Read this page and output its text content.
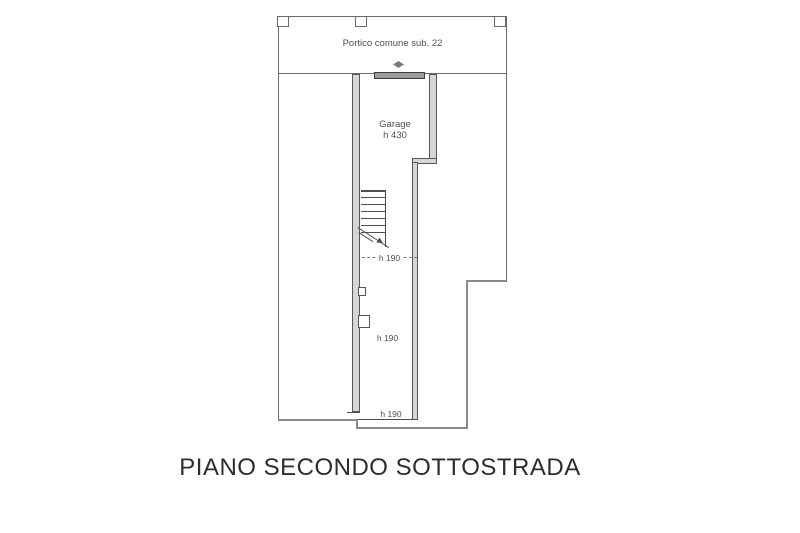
Portico comune sub. 22
Garage
h 430
h 190
h 190
h 190
PIANO SECONDO SOTTOSTRADA
